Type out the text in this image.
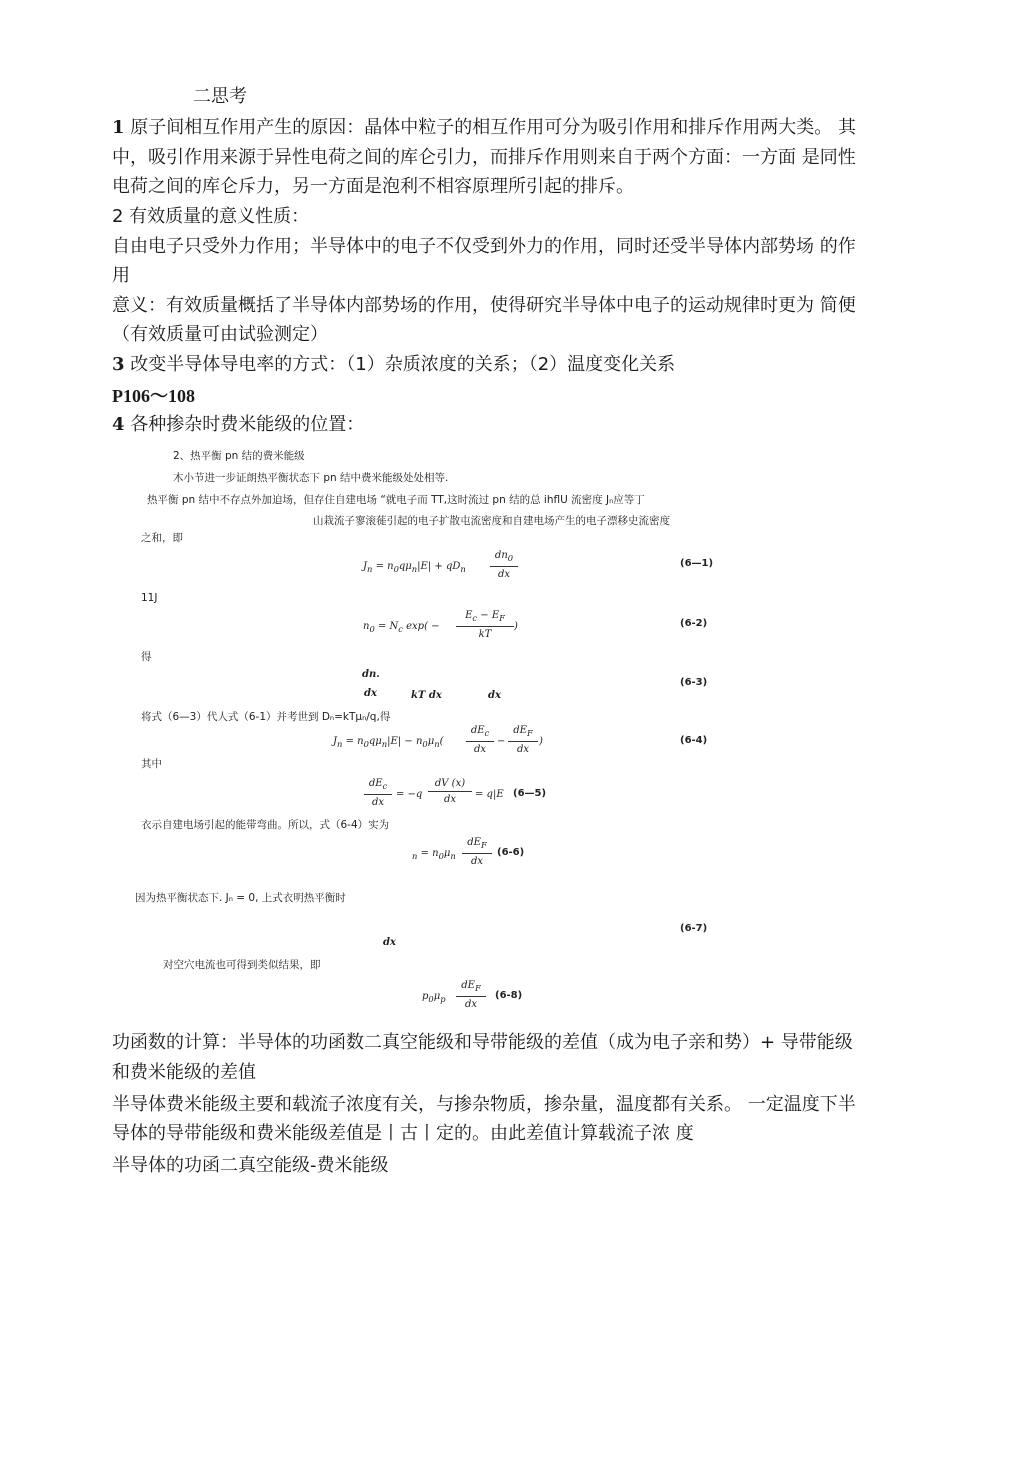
二思考
1 原子间相互作用产生的原因：晶体中粒子的相互作用可分为吸引作用和排斥作用两大类。 其
中，吸引作用来源于异性电荷之间的库仑引力，而排斥作用则来自于两个方面：一方面 是同性
电荷之间的库仑斥力，另一方面是泡利不相容原理所引起的排斥。
2 有效质量的意义性质：
自由电子只受外力作用；半导体中的电子不仅受到外力的作用，同时还受半导体内部势场 的作
用
意义：有效质量概括了半导体内部势场的作用，使得研究半导体中电子的运动规律时更为 简便
（有效质量可由试验测定）
3 改变半导体导电率的方式：（1）杂质浓度的关系；（2）温度变化关系
P106～108
4 各种掺杂时费米能级的位置：
2、热平衡 pn 结的费米能级
木小节进一步证朗热平衡状态下 pn 结中费米能级处处相等.
热平衡 pn 结中不存点外加迫场，但存住自建电场 “就电子而 TT,这时流过 pn 结的总 ihflU 流密度 Jₙ应等丁
山栽流子寥滚蓰引起的电子扩散屯流密度和自建电场产生的电子漂移史流密度
之和，即
$J_n = n_0q\mu_n|E| + qD_n$
$dn_0$
dx
(6—1)
11J
$n_0 = N_c$ exp( −
$E_c - E_F$
kT
)	(6-2)
得
dn.
dx	kT dx	dx
(6-3)
将式（6—3）代人式（6-1）并考世到 Dₙ=kTμₙ/q,得
$J_n = n_0q\mu_n|E| - n_0\mu_n$(
$dE_c$
dx
−
$dE_F$
dx
)	(6-4)
其中
$dE_c$
dx
= −q
dV (x)
dx	= q|E (6—5)
衣示自建电场引起的能带弯曲。所以，式（6-4）实为
$_n = n_0\mu_n$
$dE_F$
dx
(6-6)
因为热平衡状态下. Jₙ = 0, 上式衣明热平衡时
dx
(6-7)
对空穴电流也可得到类似结果，即
$p_0\mu_p$
$dE_F$
dx
(6-8)
功函数的计算：半导体的功函数二真空能级和导带能级的差值（成为电子亲和势）+ 导带能级
和费米能级的差值
半导体费米能级主要和载流子浓度有关，与掺杂物质，掺杂量，温度都有关系。 一定温度下半
导体的导带能级和费米能级差值是丨古丨定的。由此差值计算载流子浓 度
半导体的功函二真空能级-费米能级
